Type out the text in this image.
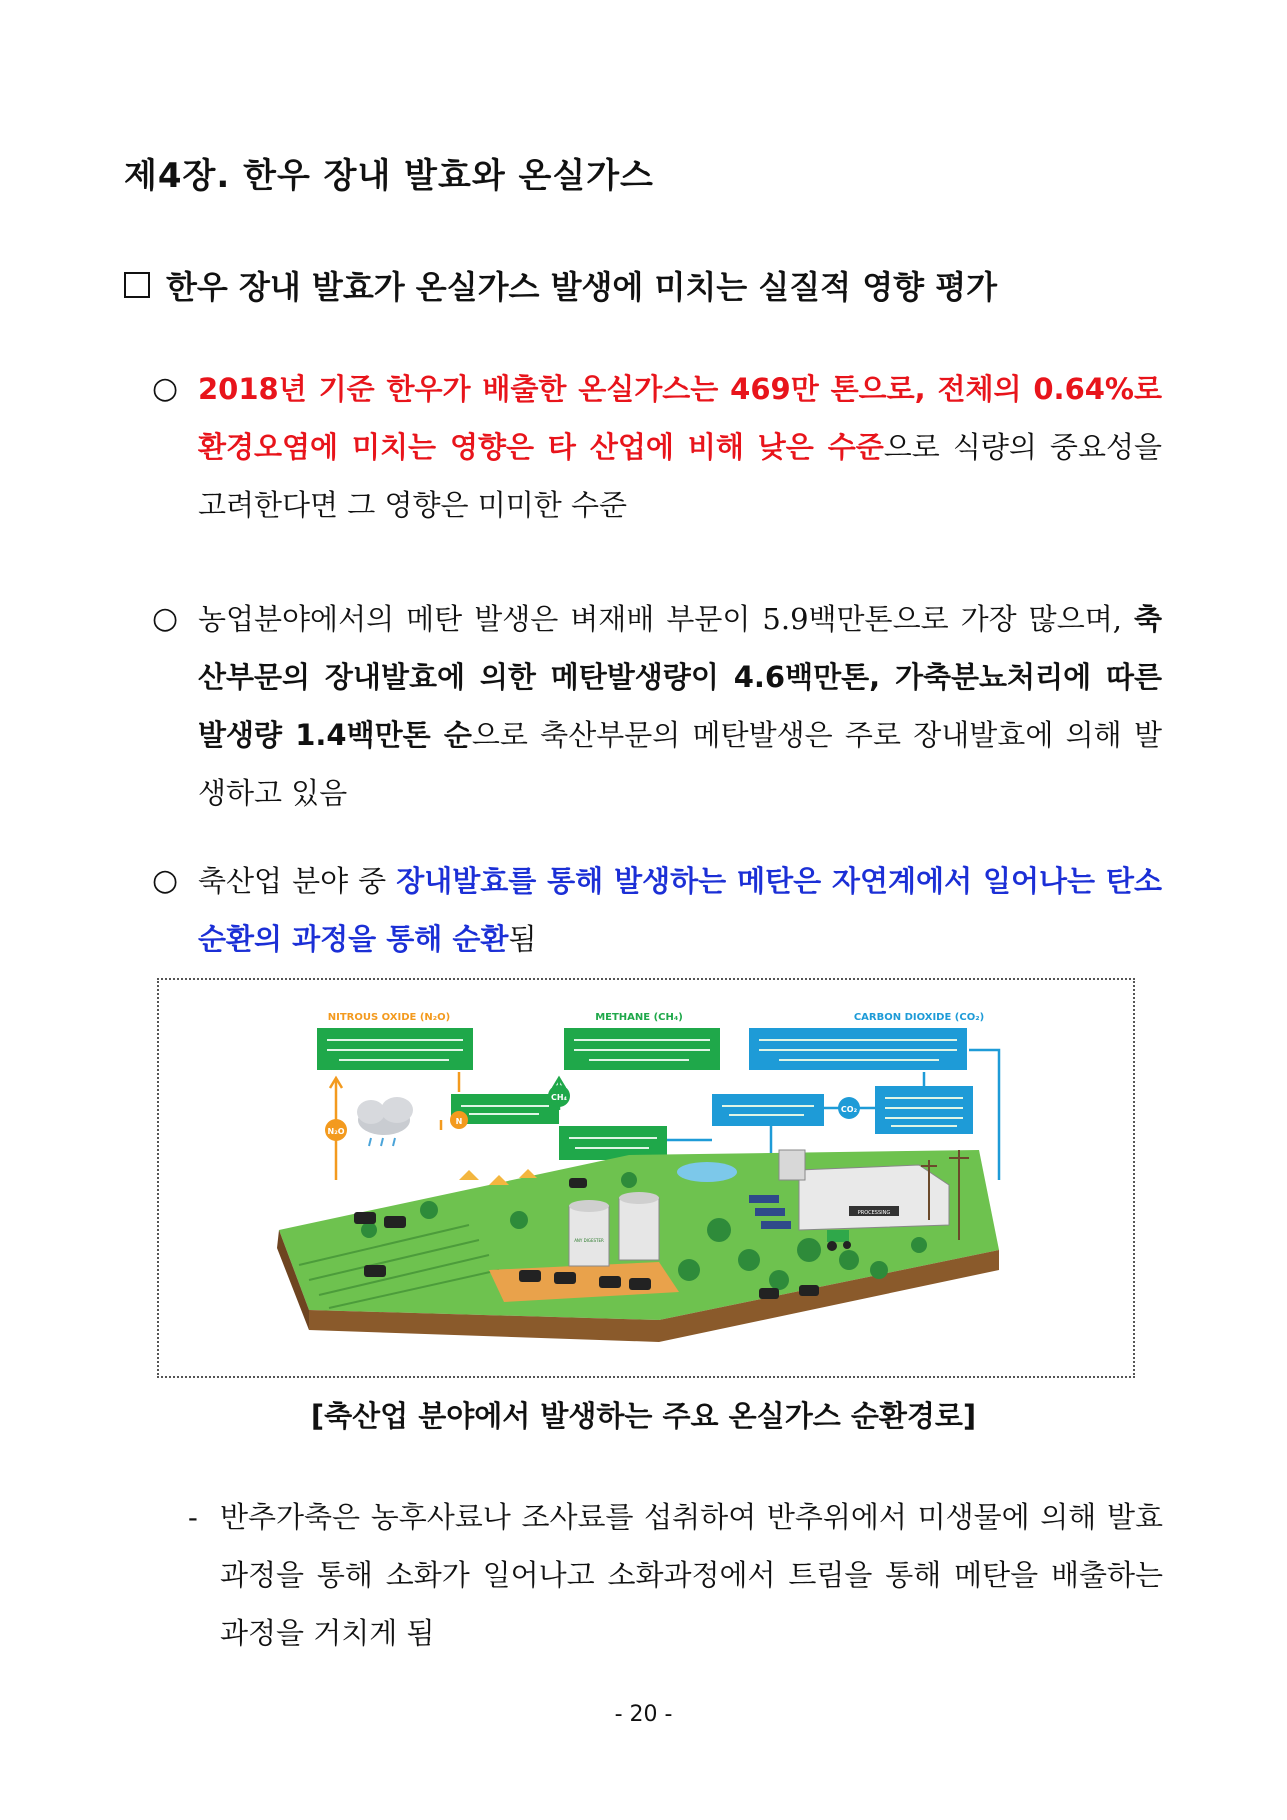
제4장. 한우 장내 발효와 온실가스
한우 장내 발효가 온실가스 발생에 미치는 실질적 영향 평가
○ 2018년 기준 한우가 배출한 온실가스는 469만 톤으로, 전체의 0.64%로 환경오염에 미치는 영향은 타 산업에 비해 낮은 수준으로 식량의 중요성을 고려한다면 그 영향은 미미한 수준
○ 농업분야에서의 메탄 발생은 벼재배 부문이 5.9백만톤으로 가장 많으며, 축산부문의 장내발효에 의한 메탄발생량이 4.6백만톤, 가축분뇨처리에 따른 발생량 1.4백만톤 순으로 축산부문의 메탄발생은 주로 장내발효에 의해 발생하고 있음
○ 축산업 분야 중 장내발효를 통해 발생하는 메탄은 자연계에서 일어나는 탄소순환의 과정을 통해 순환됨
NITROUS OXIDE (N₂O)	METHANE (CH₄)	CARBON DIOXIDE (CO₂)
N₂O
N
CH₄
CO₂
ANY DIGESTER
PROCESSING
[축산업 분야에서 발생하는 주요 온실가스 순환경로]
- 반추가축은 농후사료나 조사료를 섭취하여 반추위에서 미생물에 의해 발효과정을 통해 소화가 일어나고 소화과정에서 트림을 통해 메탄을 배출하는 과정을 거치게 됨
- 20 -
